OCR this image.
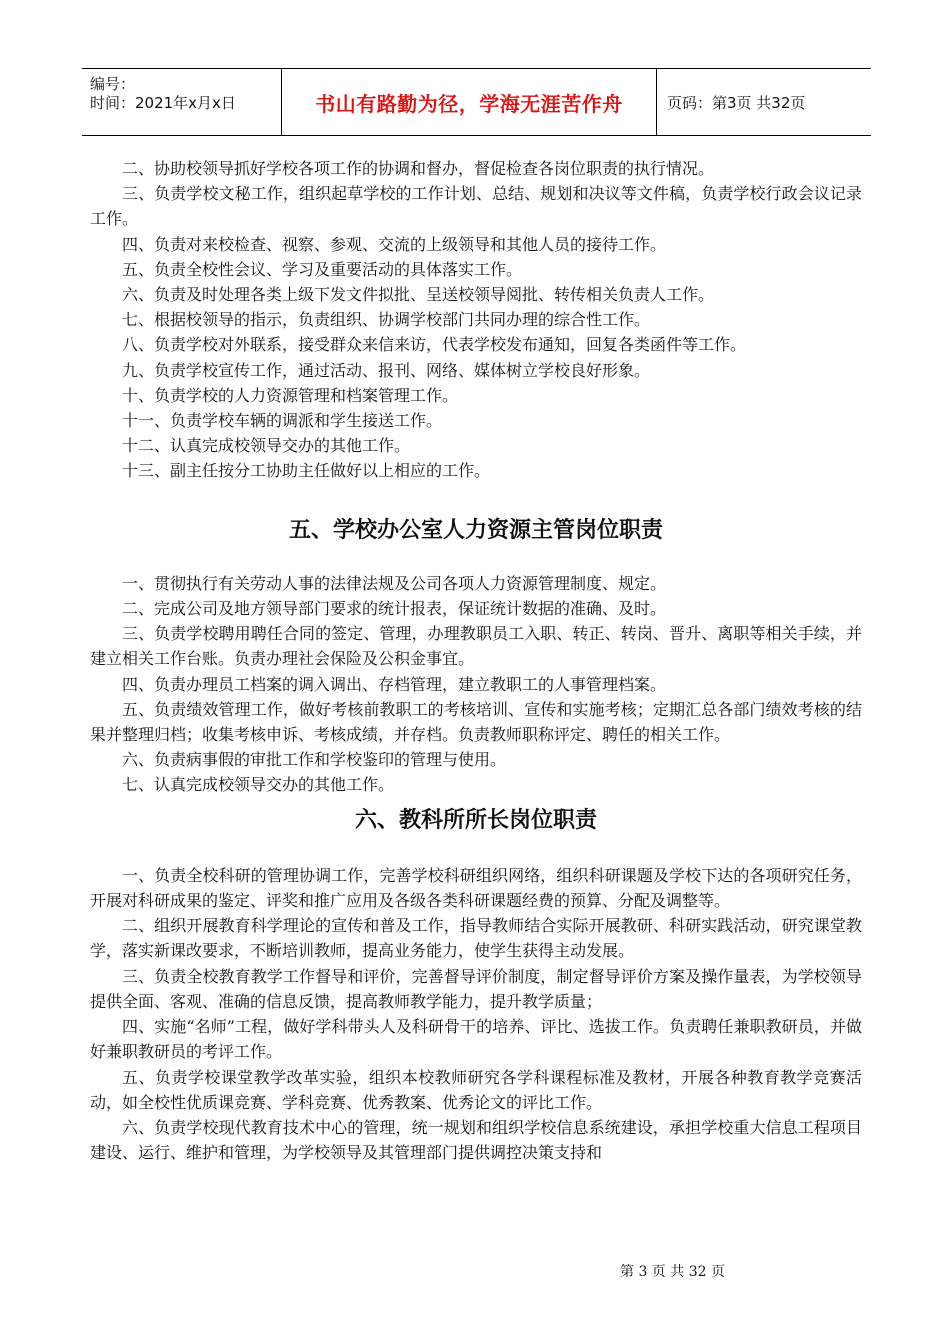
编号：
时间：2021年x月x日	书山有路勤为径，学海无涯苦作舟	页码：第3页 共32页

二、协助校领导抓好学校各项工作的协调和督办，督促检查各岗位职责的执行情况。

三、负责学校文秘工作，组织起草学校的工作计划、总结、规划和决议等文件稿，负责学校行政会议记录工作。

四、负责对来校检查、视察、参观、交流的上级领导和其他人员的接待工作。

五、负责全校性会议、学习及重要活动的具体落实工作。

六、负责及时处理各类上级下发文件拟批、呈送校领导阅批、转传相关负责人工作。

七、根据校领导的指示，负责组织、协调学校部门共同办理的综合性工作。

八、负责学校对外联系，接受群众来信来访，代表学校发布通知，回复各类函件等工作。

九、负责学校宣传工作，通过活动、报刊、网络、媒体树立学校良好形象。

十、负责学校的人力资源管理和档案管理工作。

十一、负责学校车辆的调派和学生接送工作。

十二、认真完成校领导交办的其他工作。

十三、副主任按分工协助主任做好以上相应的工作。

五、学校办公室人力资源主管岗位职责

一、贯彻执行有关劳动人事的法律法规及公司各项人力资源管理制度、规定。

二、完成公司及地方领导部门要求的统计报表，保证统计数据的准确、及时。

三、负责学校聘用聘任合同的签定、管理，办理教职员工入职、转正、转岗、晋升、离职等相关手续，并建立相关工作台账。负责办理社会保险及公积金事宜。

四、负责办理员工档案的调入调出、存档管理，建立教职工的人事管理档案。

五、负责绩效管理工作，做好考核前教职工的考核培训、宣传和实施考核；定期汇总各部门绩效考核的结果并整理归档；收集考核申诉、考核成绩，并存档。负责教师职称评定、聘任的相关工作。

六、负责病事假的审批工作和学校鉴印的管理与使用。

七、认真完成校领导交办的其他工作。

六、教科所所长岗位职责

一、负责全校科研的管理协调工作，完善学校科研组织网络，组织科研课题及学校下达的各项研究任务，开展对科研成果的鉴定、评奖和推广应用及各级各类科研课题经费的预算、分配及调整等。

二、组织开展教育科学理论的宣传和普及工作，指导教师结合实际开展教研、科研实践活动，研究课堂教学，落实新课改要求，不断培训教师，提高业务能力，使学生获得主动发展。

三、负责全校教育教学工作督导和评价，完善督导评价制度，制定督导评价方案及操作量表，为学校领导提供全面、客观、准确的信息反馈，提高教师教学能力，提升教学质量；

四、实施“名师”工程，做好学科带头人及科研骨干的培养、评比、选拔工作。负责聘任兼职教研员，并做好兼职教研员的考评工作。

五、负责学校课堂教学改革实验，组织本校教师研究各学科课程标准及教材，开展各种教育教学竞赛活动，如全校性优质课竞赛、学科竞赛、优秀教案、优秀论文的评比工作。

六、负责学校现代教育技术中心的管理，统一规划和组织学校信息系统建设，承担学校重大信息工程项目建设、运行、维护和管理，为学校领导及其管理部门提供调控决策支持和

第 3 页 共 32 页
